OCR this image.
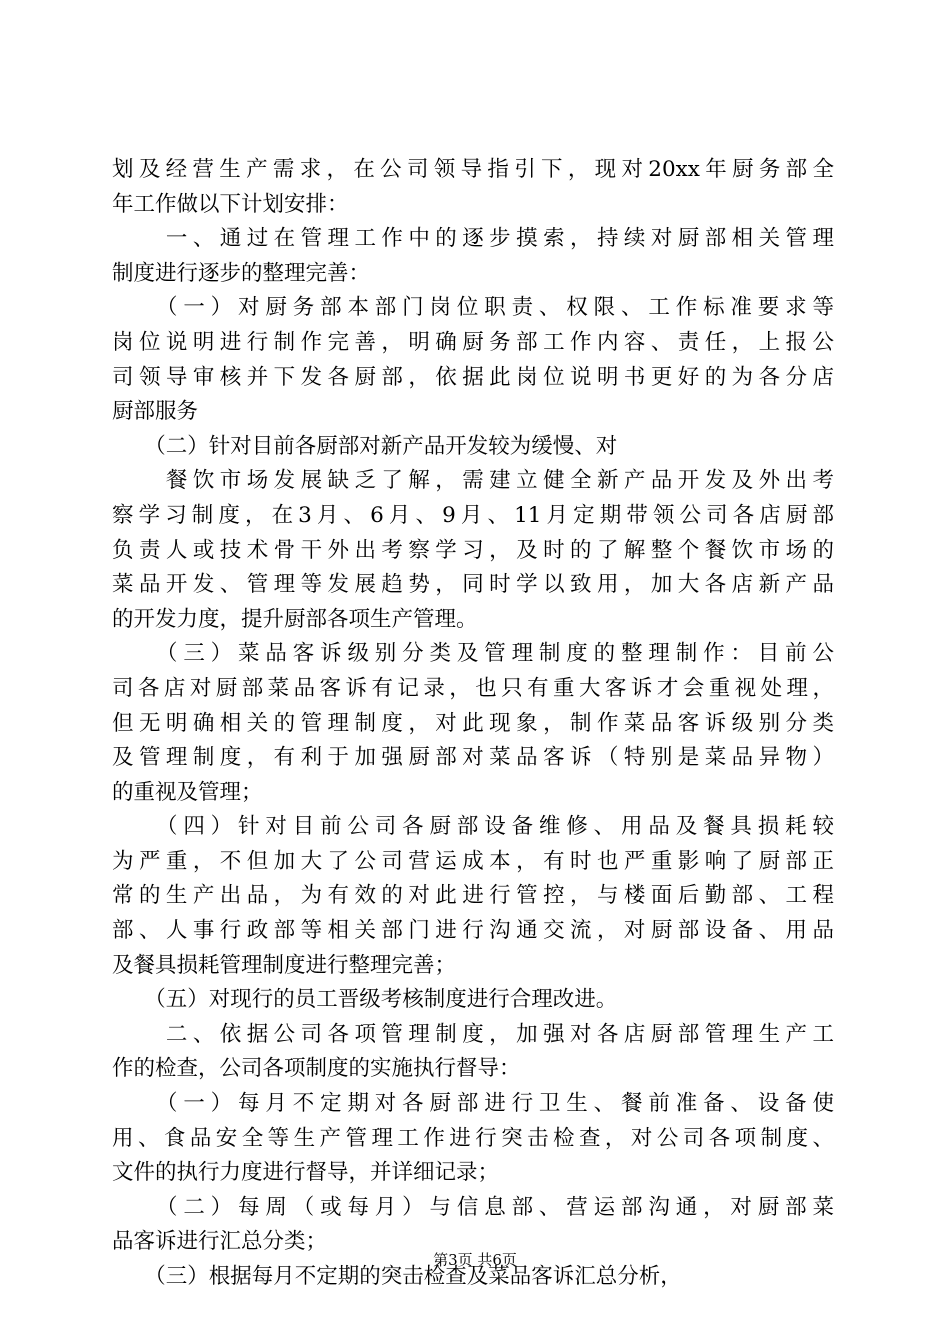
划及经营生产需求，在公司领导指引下，现对20xx年厨务部全
年工作做以下计划安排：
　　一、通过在管理工作中的逐步摸索，持续对厨部相关管理
制度进行逐步的整理完善：
　　（一）对厨务部本部门岗位职责、权限、工作标准要求等
岗位说明进行制作完善，明确厨务部工作内容、责任，上报公
司领导审核并下发各厨部，依据此岗位说明书更好的为各分店
厨部服务
　　（二）针对目前各厨部对新产品开发较为缓慢、对
　　餐饮市场发展缺乏了解，需建立健全新产品开发及外出考
察学习制度，在3月、6月、9月、11月定期带领公司各店厨部
负责人或技术骨干外出考察学习，及时的了解整个餐饮市场的
菜品开发、管理等发展趋势，同时学以致用，加大各店新产品
的开发力度，提升厨部各项生产管理。
　　（三）菜品客诉级别分类及管理制度的整理制作：目前公
司各店对厨部菜品客诉有记录，也只有重大客诉才会重视处理，
但无明确相关的管理制度，对此现象，制作菜品客诉级别分类
及管理制度，有利于加强厨部对菜品客诉（特别是菜品异物）
的重视及管理；
　　（四）针对目前公司各厨部设备维修、用品及餐具损耗较
为严重，不但加大了公司营运成本，有时也严重影响了厨部正
常的生产出品，为有效的对此进行管控，与楼面后勤部、工程
部、人事行政部等相关部门进行沟通交流，对厨部设备、用品
及餐具损耗管理制度进行整理完善；
　　（五）对现行的员工晋级考核制度进行合理改进。
　　二、依据公司各项管理制度，加强对各店厨部管理生产工
作的检查，公司各项制度的实施执行督导：
　　（一）每月不定期对各厨部进行卫生、餐前准备、设备使
用、食品安全等生产管理工作进行突击检查，对公司各项制度、
文件的执行力度进行督导，并详细记录；
　　（二）每周（或每月）与信息部、营运部沟通，对厨部菜
品客诉进行汇总分类；
　　（三）根据每月不定期的突击检查及菜品客诉汇总分析，
第3页 共6页
